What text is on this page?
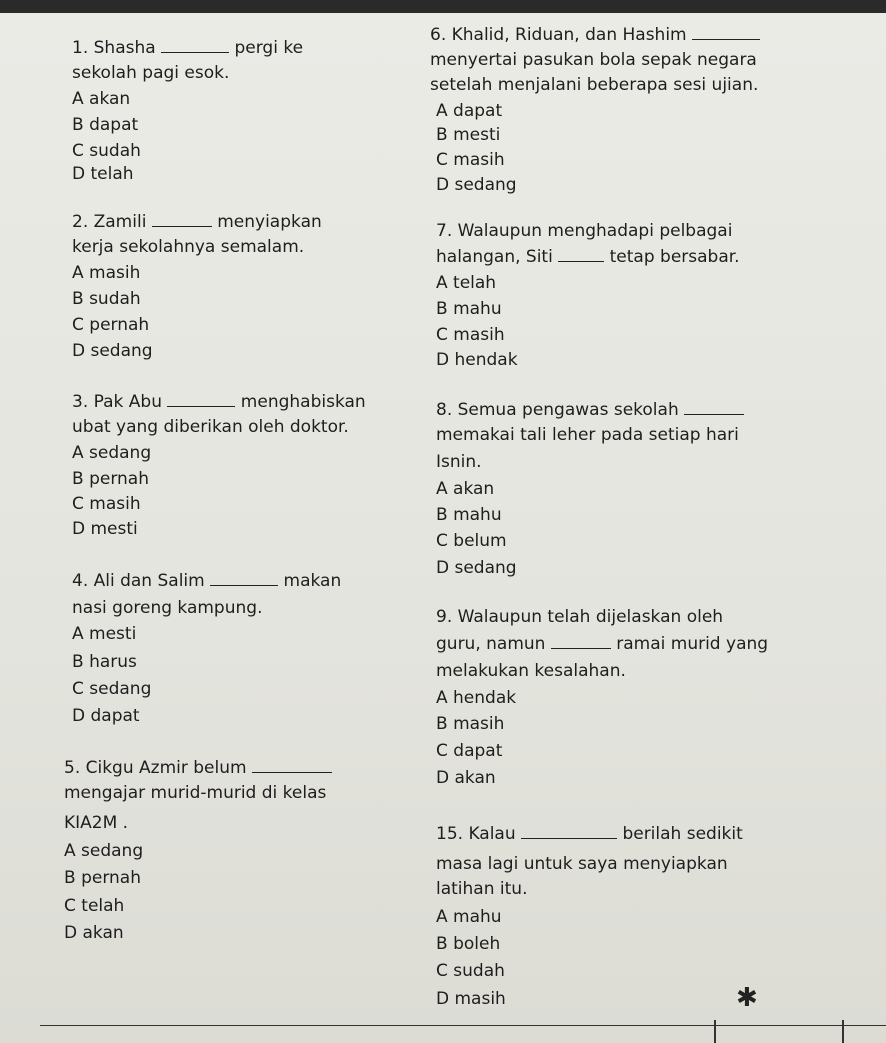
1. Shasha	pergi ke
sekolah pagi esok.
A akan
B dapat
C sudah
D telah
2. Zamili	menyiapkan
kerja sekolahnya semalam.
A masih
B sudah
C pernah
D sedang
3. Pak Abu	menghabiskan
ubat yang diberikan oleh doktor.
A sedang
B pernah
C masih
D mesti
4. Ali dan Salim	makan
nasi goreng kampung.
A mesti
B harus
C sedang
D dapat
5. Cikgu Azmir belum
mengajar murid-murid di kelas
KIA2M .
A sedang
B pernah
C telah
D akan
6. Khalid, Riduan, dan Hashim
menyertai pasukan bola sepak negara
setelah menjalani beberapa sesi ujian.
A dapat
B mesti
C masih
D sedang
7. Walaupun menghadapi pelbagai
halangan, Siti	tetap bersabar.
A telah
B mahu
C masih
D hendak
8. Semua pengawas sekolah
memakai tali leher pada setiap hari
Isnin.
A akan
B mahu
C belum
D sedang
9. Walaupun telah dijelaskan oleh
guru, namun	ramai murid yang
melakukan kesalahan.
A hendak
B masih
C dapat
D akan
15. Kalau	berilah sedikit
masa lagi untuk saya menyiapkan
latihan itu.
A mahu
B boleh
C sudah
D masih	✱
